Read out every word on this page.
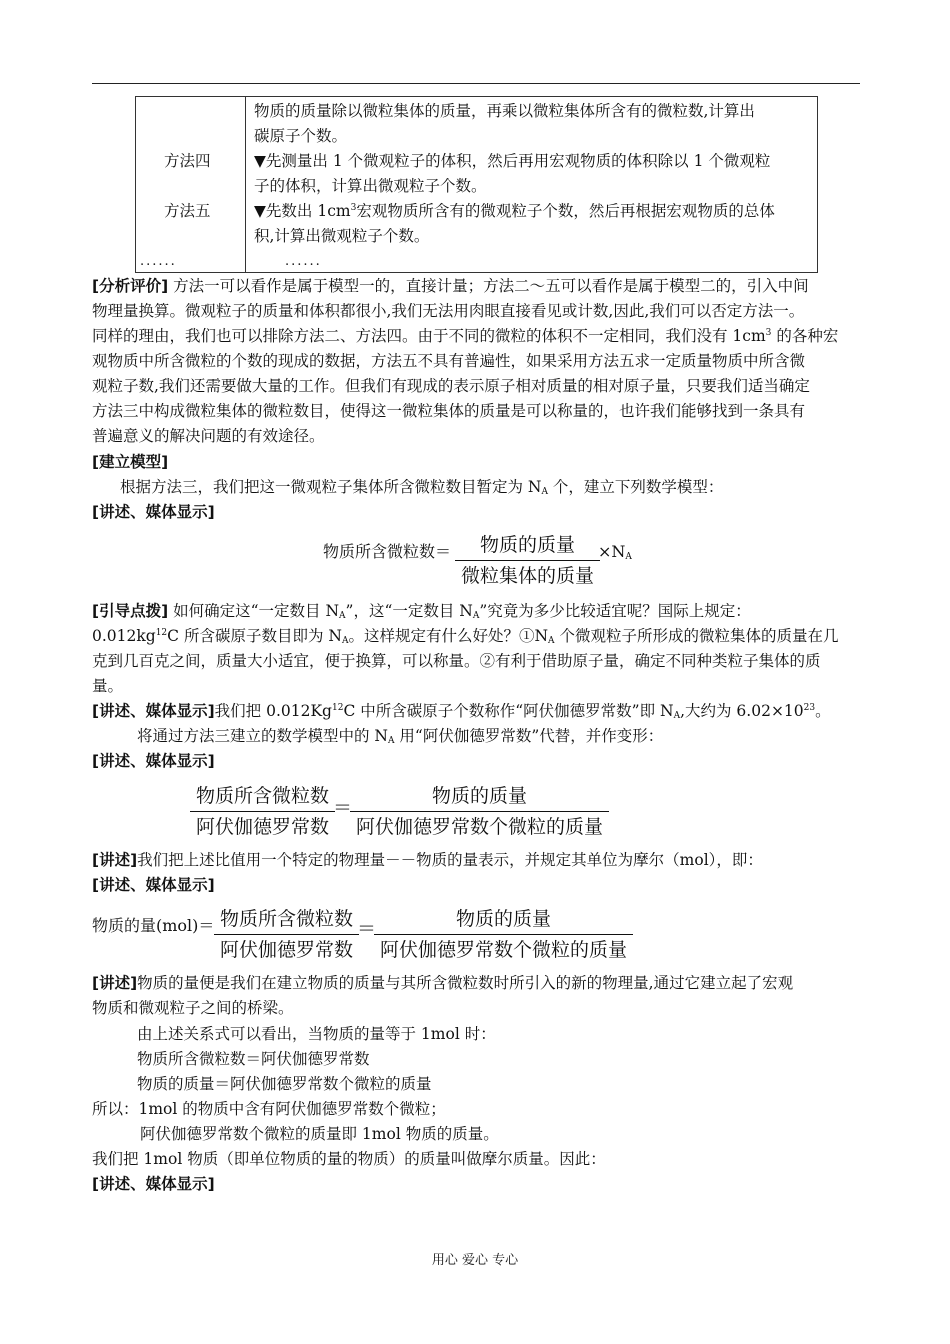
物质的质量除以微粒集体的质量，再乘以微粒集体所含有的微粒数,计算出
碳原子个数。
方法四	▼先测量出 1 个微观粒子的体积，然后再用宏观物质的体积除以 1 个微观粒
子的体积，计算出微观粒子个数。
方法五	▼先数出 $1cm^3$宏观物质所含有的微观粒子个数，然后再根据宏观物质的总体
积,计算出微观粒子个数。
......	......
[分析评价] 方法一可以看作是属于模型一的，直接计量；方法二～五可以看作是属于模型二的，引入中间
物理量换算。微观粒子的质量和体积都很小,我们无法用肉眼直接看见或计数,因此,我们可以否定方法一。
同样的理由，我们也可以排除方法二、方法四。由于不同的微粒的体积不一定相同，我们没有 $1cm^3$ 的各种宏
观物质中所含微粒的个数的现成的数据，方法五不具有普遍性，如果采用方法五求一定质量物质中所含微
观粒子数,我们还需要做大量的工作。但我们有现成的表示原子相对质量的相对原子量，只要我们适当确定
方法三中构成微粒集体的微粒数目，使得这一微粒集体的质量是可以称量的，也许我们能够找到一条具有
普遍意义的解决问题的有效途径。
[建立模型]
根据方法三，我们把这一微观粒子集体所含微粒数目暂定为 $N_A$ 个，建立下列数学模型：
[讲述、媒体显示]
物质所含微粒数＝	物质的质量
微粒集体的质量
$\times N_A$
[引导点拨] 如何确定这“一定数目 $N_A$”，这“一定数目 $N_A$”究竟为多少比较适宜呢？国际上规定：
$0.012kg^{12}C$ 所含碳原子数目即为 $N_A$。这样规定有什么好处？$①N_A$ 个微观粒子所形成的微粒集体的质量在几
克到几百克之间，质量大小适宜，便于换算，可以称量。②有利于借助原子量，确定不同种类粒子集体的质
量。
[讲述、媒体显示]我们把 0.012Kg$^{12}$C 中所含碳原子个数称作“阿伏伽德罗常数”即 $N_A$,大约为 $6.02\times 10^{23}$。
将通过方法三建立的数学模型中的 $N_A$ 用“阿伏伽德罗常数”代替，并作变形：
[讲述、媒体显示]
物质所含微粒数
阿伏伽德罗常数
＝
物质的质量
阿伏伽德罗常数个微粒的质量
[讲述]我们把上述比值用一个特定的物理量－－物质的量表示，并规定其单位为摩尔（mol），即：
[讲述、媒体显示]
物质的量(mol)＝ 物质所含微粒数
阿伏伽德罗常数
＝	物质的质量
阿伏伽德罗常数个微粒的质量
[讲述]物质的量便是我们在建立物质的质量与其所含微粒数时所引入的新的物理量,通过它建立起了宏观
物质和微观粒子之间的桥梁。
由上述关系式可以看出，当物质的量等于 1mol 时：
物质所含微粒数＝阿伏伽德罗常数
物质的质量＝阿伏伽德罗常数个微粒的质量
所以：1mol 的物质中含有阿伏伽德罗常数个微粒；
阿伏伽德罗常数个微粒的质量即 1mol 物质的质量。
我们把 1mol 物质（即单位物质的量的物质）的质量叫做摩尔质量。因此：
[讲述、媒体显示]
用心 爱心 专心
